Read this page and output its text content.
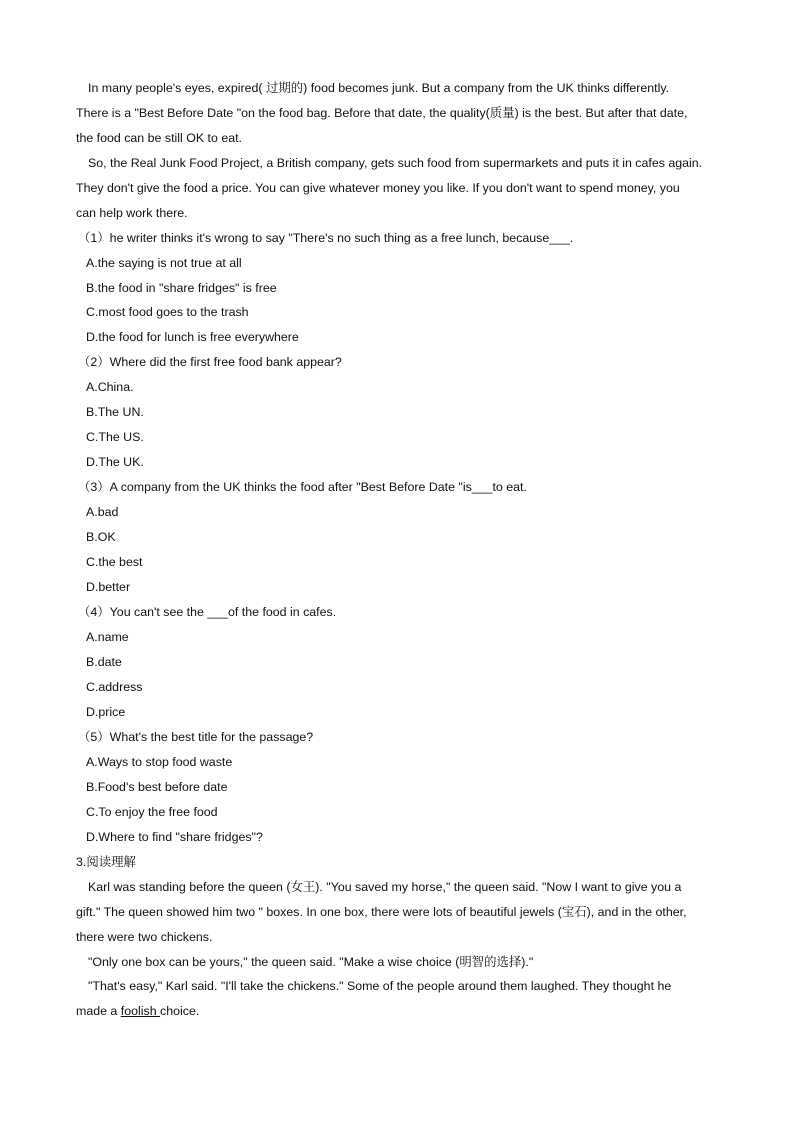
In many people's eyes, expired( 过期的) food becomes junk. But a company from the UK thinks differently.
There is a "Best Before Date "on the food bag. Before that date, the quality(质量) is the best. But after that date,
the food can be still OK to eat.
So, the Real Junk Food Project, a British company, gets such food from supermarkets and puts it in cafes again.
They don't give the food a price. You can give whatever money you like. If you don't want to spend money, you
can help work there.
（1）he writer thinks it's wrong to say "There's no such thing as a free lunch, because___.
A.the saying is not true at all
B.the food in "share fridges" is free
C.most food goes to the trash
D.the food for lunch is free everywhere
（2）Where did the first free food bank appear?
A.China.
B.The UN.
C.The US.
D.The UK.
（3）A company from the UK thinks the food after "Best Before Date "is___to eat.
A.bad
B.OK
C.the best
D.better
（4）You can't see the ___of the food in cafes.
A.name
B.date
C.address
D.price
（5）What's the best title for the passage?
A.Ways to stop food waste
B.Food's best before date
C.To enjoy the free food
D.Where to find "share fridges"?
3.阅读理解
Karl was standing before the queen (女王). "You saved my horse," the queen said. "Now I want to give you a
gift." The queen showed him two " boxes. In one box, there were lots of beautiful jewels (宝石), and in the other,
there were two chickens.
"Only one box can be yours," the queen said. "Make a wise choice (明智的选择)."
"That's easy," Karl said. "I'll take the chickens." Some of the people around them laughed. They thought he
made a foolish choice.
